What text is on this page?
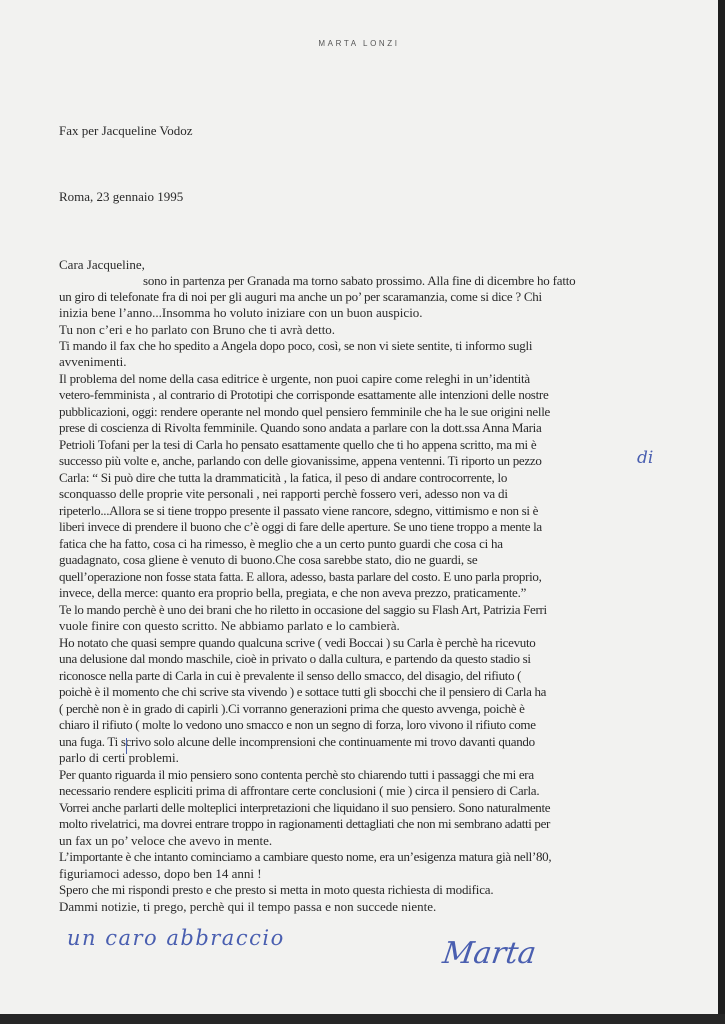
MARTA LONZI
Fax per Jacqueline Vodoz
Roma, 23 gennaio 1995
Cara Jacqueline,
sono in partenza per Granada ma torno sabato prossimo. Alla fine di dicembre ho fatto
un giro di telefonate fra di noi per gli auguri ma anche un po’ per scaramanzia, come si dice ? Chi
inizia bene l’anno...Insomma ho voluto iniziare con un buon auspicio.
Tu non c’eri e ho parlato con Bruno che ti avrà detto.
Ti mando il fax che ho spedito a Angela dopo poco, così, se non vi siete sentite, ti informo sugli
avvenimenti.
Il problema del nome della casa editrice è urgente, non puoi capire come releghi in un’identità
vetero-femminista , al contrario di Prototipi che corrisponde esattamente alle intenzioni delle nostre
pubblicazioni, oggi: rendere operante nel mondo quel pensiero femminile che ha le sue origini nelle
prese di coscienza di Rivolta femminile. Quando sono andata a parlare con la dott.ssa Anna Maria
Petrioli Tofani per la tesi di Carla ho pensato esattamente quello che ti ho appena scritto, ma mi è
successo più volte e, anche, parlando con delle giovanissime, appena ventenni. Ti riporto un pezzo
Carla: “ Si può dire che tutta la drammaticità , la fatica, il peso di andare controcorrente, lo
sconquasso delle proprie vite personali , nei rapporti perchè fossero veri, adesso non va di
ripeterlo...Allora se si tiene troppo presente il passato viene rancore, sdegno, vittimismo e non si è
liberi invece di prendere il buono che c’è oggi di fare delle aperture. Se uno tiene troppo a mente la
fatica che ha fatto, cosa ci ha rimesso, è meglio che a un certo punto guardi che cosa ci ha
guadagnato, cosa gliene è venuto di buono.Che cosa sarebbe stato, dio ne guardi, se
quell’operazione non fosse stata fatta. E allora, adesso, basta parlare del costo. E uno parla proprio,
invece, della merce: quanto era proprio bella, pregiata, e che non aveva prezzo, praticamente.”
Te lo mando perchè è uno dei brani che ho riletto in occasione del saggio su Flash Art, Patrizia Ferri
vuole finire con questo scritto. Ne abbiamo parlato e lo cambierà.
Ho notato che quasi sempre quando qualcuna scrive ( vedi Boccai ) su Carla è perchè ha ricevuto
una delusione dal mondo maschile, cioè in privato o dalla cultura, e partendo da questo stadio si
riconosce nella parte di Carla in cui è prevalente il senso dello smacco, del disagio, del rifiuto (
poichè è il momento che chi scrive sta vivendo ) e sottace tutti gli sbocchi che il pensiero di Carla ha
( perchè non è in grado di capirli ).Ci vorranno generazioni prima che questo avvenga, poichè è
chiaro il rifiuto ( molte lo vedono uno smacco e non un segno di forza, loro vivono il rifiuto come
una fuga. Ti scrivo solo alcune delle incomprensioni che continuamente mi trovo davanti quando
parlo di certi problemi.
Per quanto riguarda il mio pensiero sono contenta perchè sto chiarendo tutti i passaggi che mi era
necessario rendere espliciti prima di affrontare certe conclusioni ( mie ) circa il pensiero di Carla.
Vorrei anche parlarti delle molteplici interpretazioni che liquidano il suo pensiero. Sono naturalmente
molto rivelatrici, ma dovrei entrare troppo in ragionamenti dettagliati che non mi sembrano adatti per
un fax un po’ veloce che avevo in mente.
L’importante è che intanto cominciamo a cambiare questo nome, era un’esigenza matura già nell’80,
figuriamoci adesso, dopo ben 14 anni !
Spero che mi rispondi presto e che presto si metta in moto questa richiesta di modifica.
Dammi notizie, ti prego, perchè qui il tempo passa e non succede niente.
di
un caro abbraccio	Marta
